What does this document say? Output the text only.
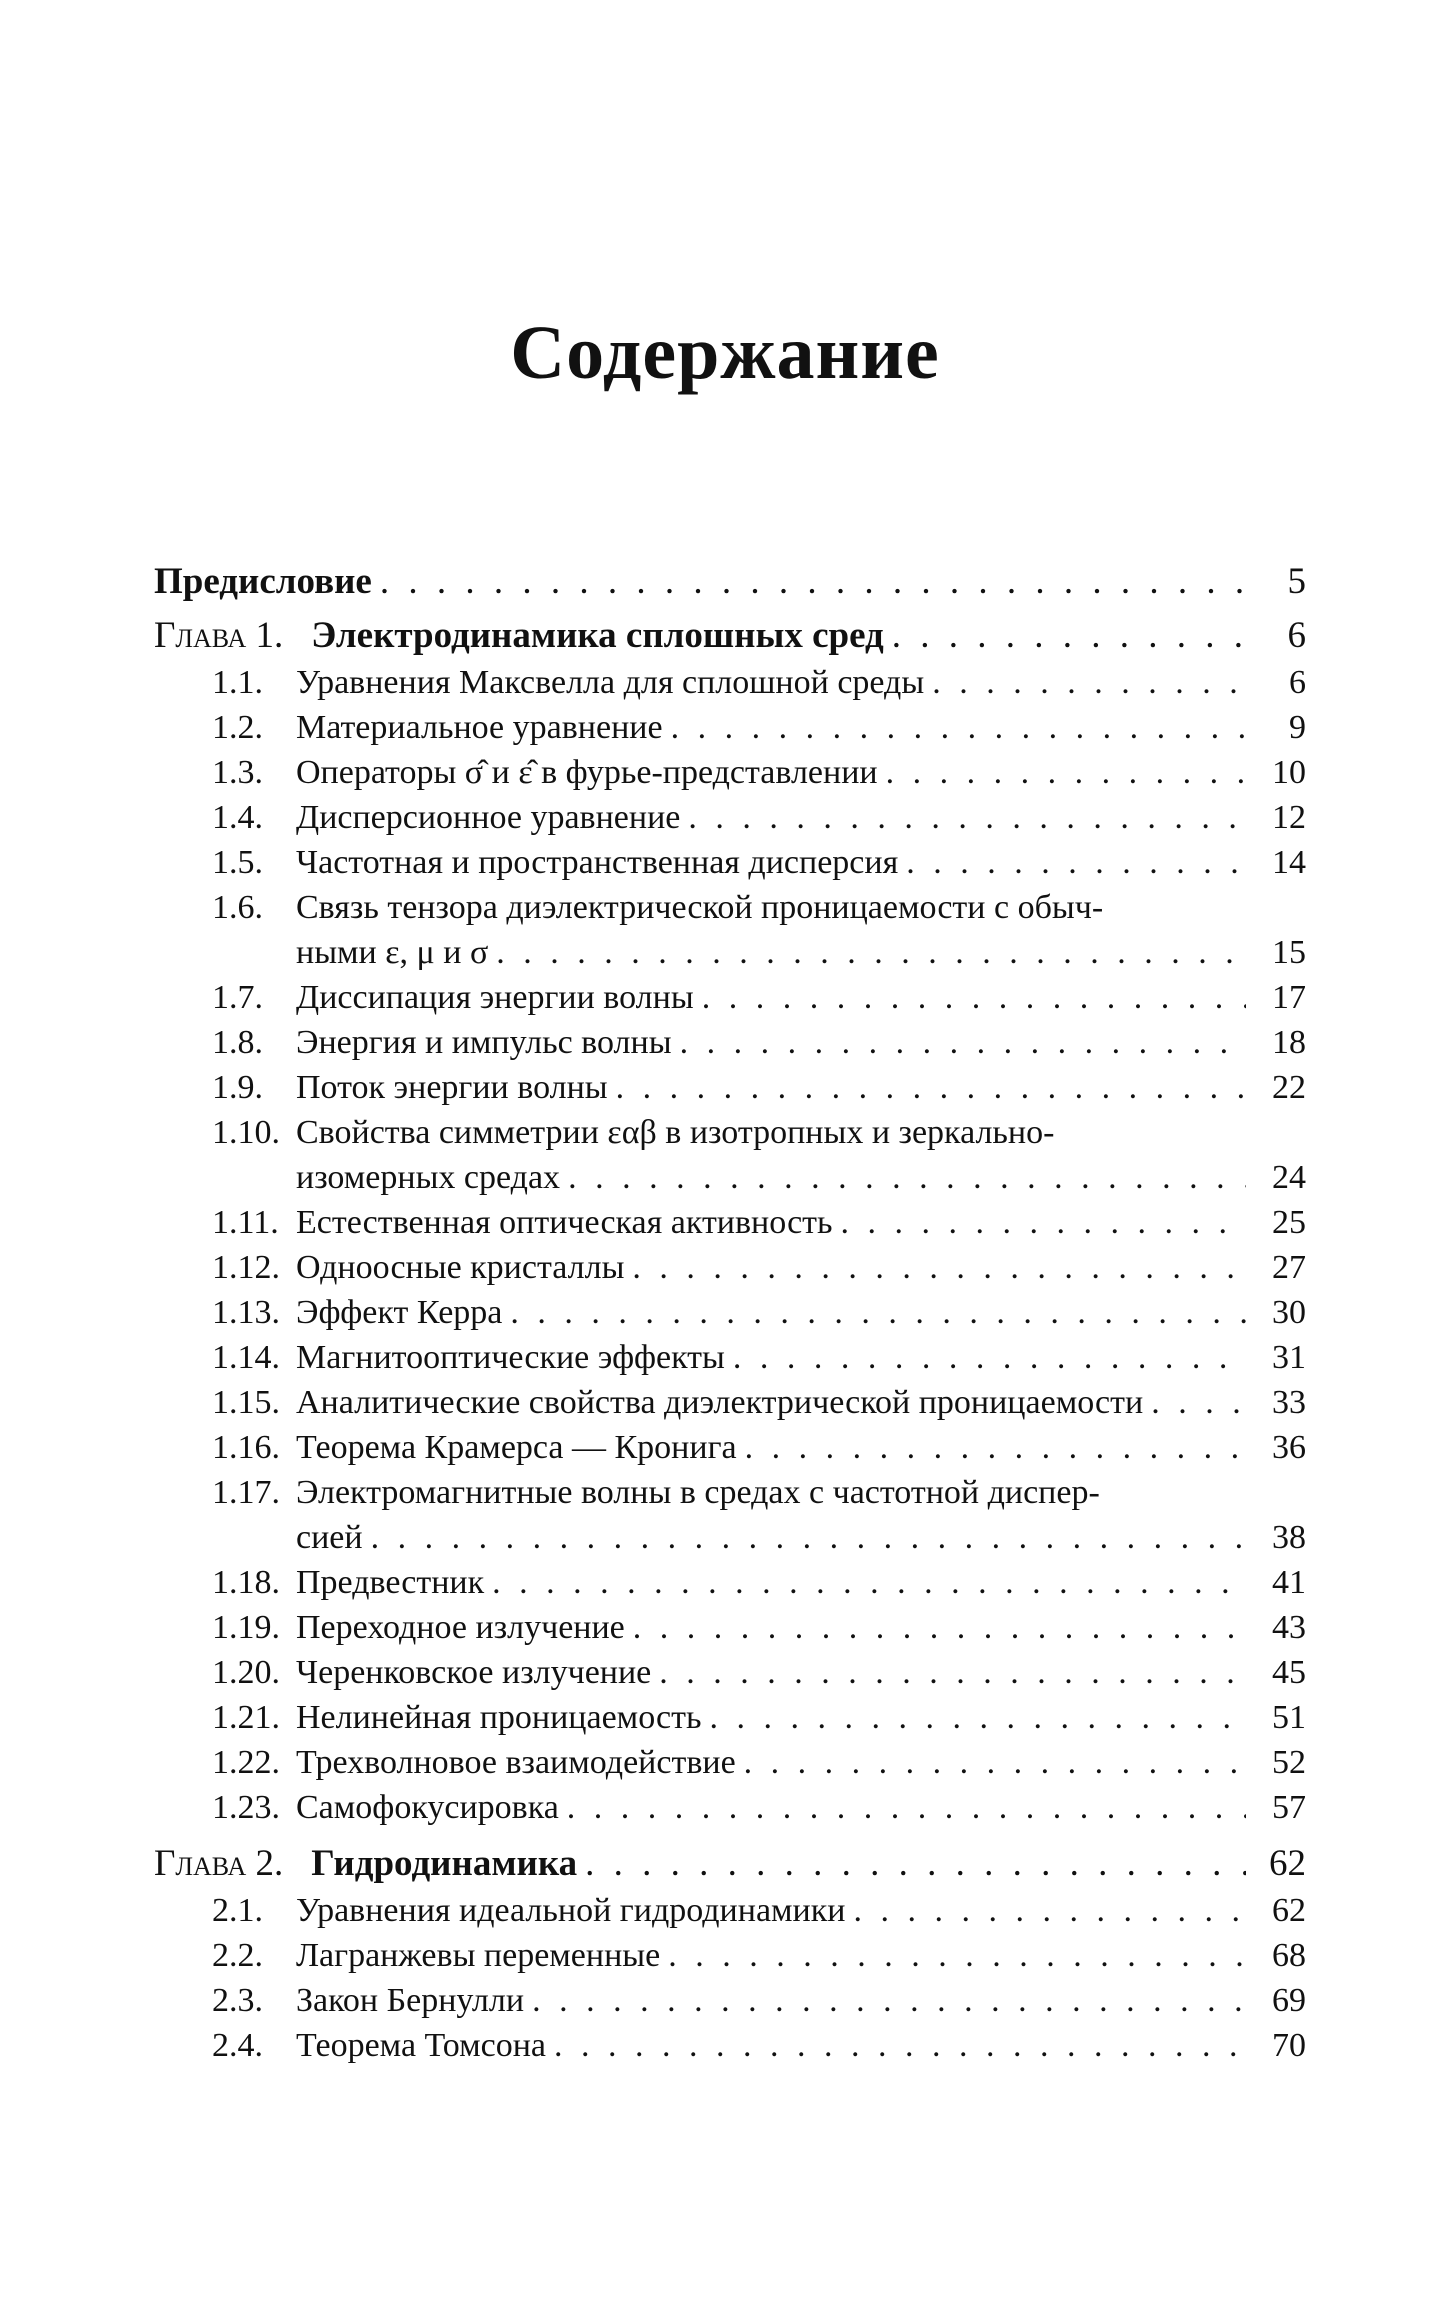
Содержание
Предисловие . . .	5
Глава 1. Электродинамика сплошных сред . . .	6
1.1. Уравнения Максвелла для сплошной среды . . .	6
1.2. Материальное уравнение . . .	9
1.3. Операторы σ̂ и ε̂ в фурье-представлении . . .	10
1.4. Дисперсионное уравнение . . .	12
1.5. Частотная и пространственная дисперсия . . .	14
1.6. Связь тензора диэлектрической проницаемости с обыч-
ными ε, μ и σ . . .	15
1.7. Диссипация энергии волны . . .	17
1.8. Энергия и импульс волны . . .	18
1.9. Поток энергии волны . . .	22
1.10. Свойства симметрии εαβ в изотропных и зеркально-
изомерных средах . . .	24
1.11. Естественная оптическая активность . . .	25
1.12. Одноосные кристаллы . . .	27
1.13. Эффект Керра . . .	30
1.14. Магнитооптические эффекты . . .	31
1.15. Аналитические свойства диэлектрической проницаемости . . .	33
1.16. Теорема Крамерса — Кронига . . .	36
1.17. Электромагнитные волны в средах с частотной диспер-
сией . . .	38
1.18. Предвестник . . .	41
1.19. Переходное излучение . . .	43
1.20. Черенковское излучение . . .	45
1.21. Нелинейная проницаемость . . .	51
1.22. Трехволновое взаимодействие . . .	52
1.23. Самофокусировка . . .	57
Глава 2. Гидродинамика . . .	62
2.1. Уравнения идеальной гидродинамики . . .	62
2.2. Лагранжевы переменные . . .	68
2.3. Закон Бернулли . . .	69
2.4. Теорема Томсона . . .	70
